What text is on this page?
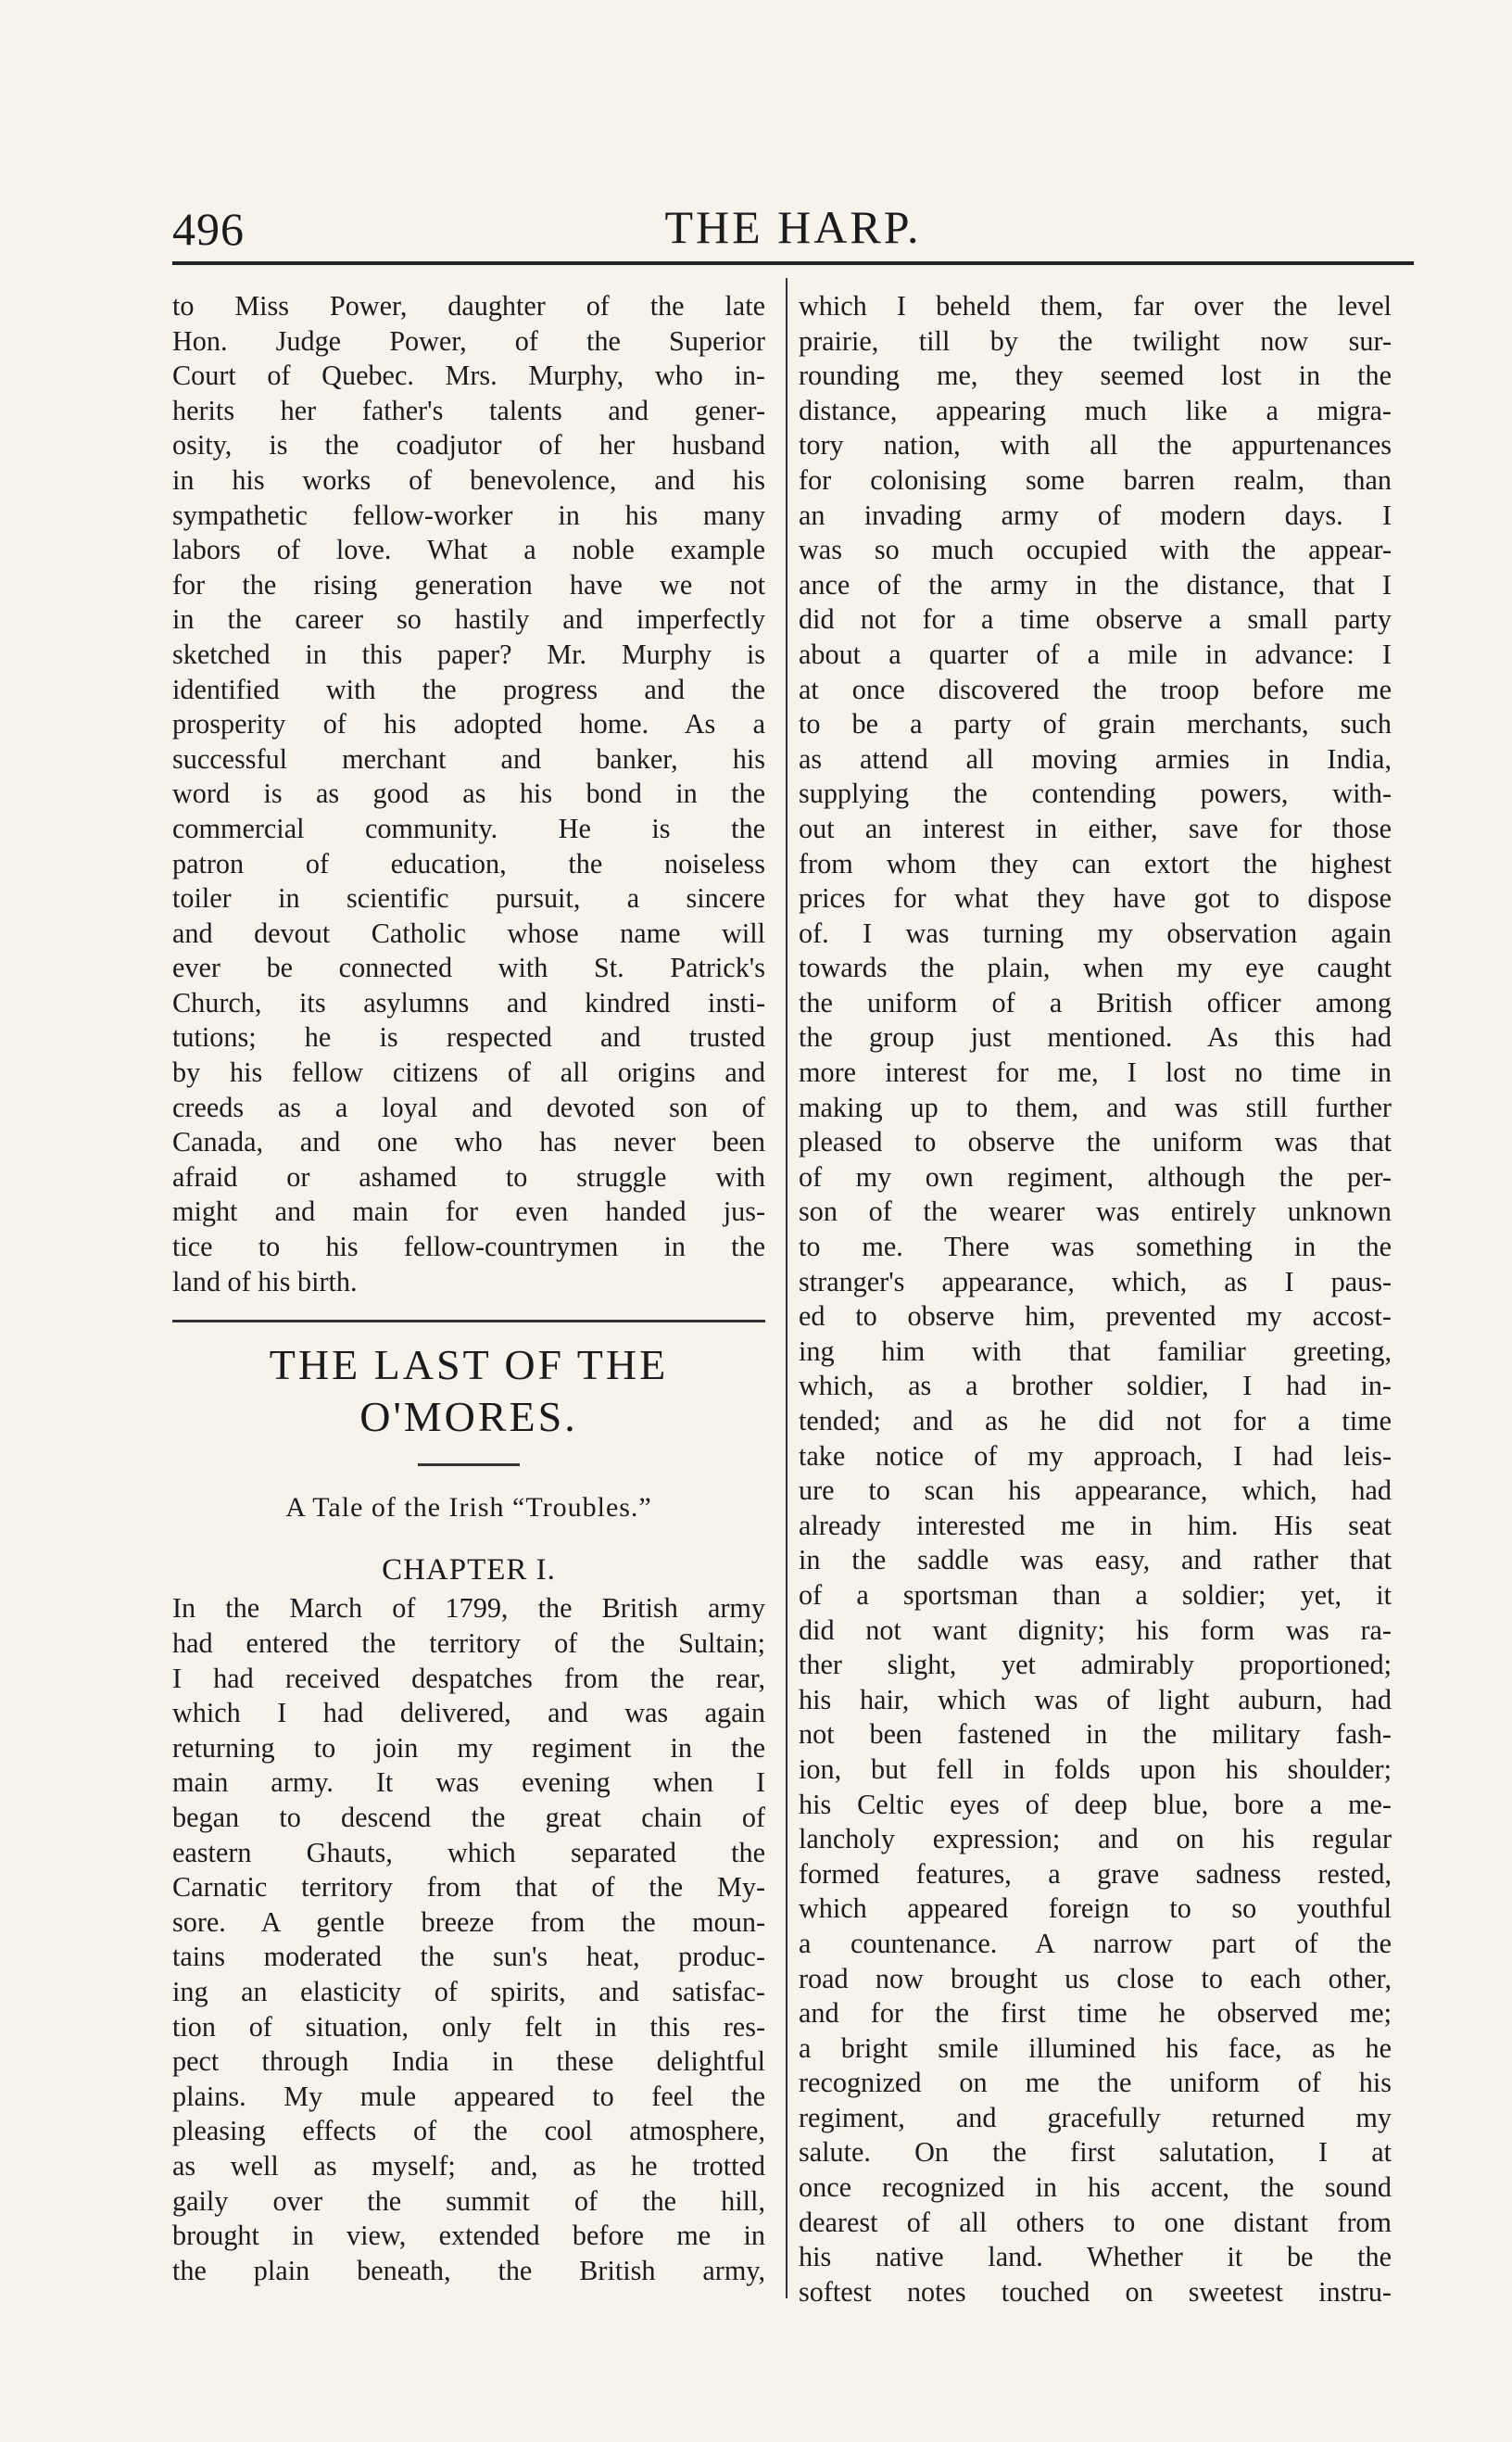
496	THE HARP.
to Miss Power, daughter of the late
Hon. Judge Power, of the Superior
Court of Quebec. Mrs. Murphy, who in-
herits her father's talents and gener-
osity, is the coadjutor of her husband
in his works of benevolence, and his
sympathetic fellow-worker in his many
labors of love. What a noble example
for the rising generation have we not
in the career so hastily and imperfectly
sketched in this paper? Mr. Murphy is
identified with the progress and the
prosperity of his adopted home. As a
successful merchant and banker, his
word is as good as his bond in the
commercial community. He is the
patron of education, the noiseless
toiler in scientific pursuit, a sincere
and devout Catholic whose name will
ever be connected with St. Patrick's
Church, its asylumns and kindred insti-
tutions; he is respected and trusted
by his fellow citizens of all origins and
creeds as a loyal and devoted son of
Canada, and one who has never been
afraid or ashamed to struggle with
might and main for even handed jus-
tice to his fellow-countrymen in the
land of his birth.
THE LAST OF THE
O'MORES.
A Tale of the Irish “Troubles.”
CHAPTER I.
In the March of 1799, the British army
had entered the territory of the Sultain;
I had received despatches from the rear,
which I had delivered, and was again
returning to join my regiment in the
main army. It was evening when I
began to descend the great chain of
eastern Ghauts, which separated the
Carnatic territory from that of the My-
sore. A gentle breeze from the moun-
tains moderated the sun's heat, produc-
ing an elasticity of spirits, and satisfac-
tion of situation, only felt in this res-
pect through India in these delightful
plains. My mule appeared to feel the
pleasing effects of the cool atmosphere,
as well as myself; and, as he trotted
gaily over the summit of the hill,
brought in view, extended before me in
the plain beneath, the British army,
which I beheld them, far over the level
prairie, till by the twilight now sur-
rounding me, they seemed lost in the
distance, appearing much like a migra-
tory nation, with all the appurtenances
for colonising some barren realm, than
an invading army of modern days. I
was so much occupied with the appear-
ance of the army in the distance, that I
did not for a time observe a small party
about a quarter of a mile in advance: I
at once discovered the troop before me
to be a party of grain merchants, such
as attend all moving armies in India,
supplying the contending powers, with-
out an interest in either, save for those
from whom they can extort the highest
prices for what they have got to dispose
of. I was turning my observation again
towards the plain, when my eye caught
the uniform of a British officer among
the group just mentioned. As this had
more interest for me, I lost no time in
making up to them, and was still further
pleased to observe the uniform was that
of my own regiment, although the per-
son of the wearer was entirely unknown
to me. There was something in the
stranger's appearance, which, as I paus-
ed to observe him, prevented my accost-
ing him with that familiar greeting,
which, as a brother soldier, I had in-
tended; and as he did not for a time
take notice of my approach, I had leis-
ure to scan his appearance, which, had
already interested me in him. His seat
in the saddle was easy, and rather that
of a sportsman than a soldier; yet, it
did not want dignity; his form was ra-
ther slight, yet admirably proportioned;
his hair, which was of light auburn, had
not been fastened in the military fash-
ion, but fell in folds upon his shoulder;
his Celtic eyes of deep blue, bore a me-
lancholy expression; and on his regular
formed features, a grave sadness rested,
which appeared foreign to so youthful
a countenance. A narrow part of the
road now brought us close to each other,
and for the first time he observed me;
a bright smile illumined his face, as he
recognized on me the uniform of his
regiment, and gracefully returned my
salute. On the first salutation, I at
once recognized in his accent, the sound
dearest of all others to one distant from
his native land. Whether it be the
softest notes touched on sweetest instru-
